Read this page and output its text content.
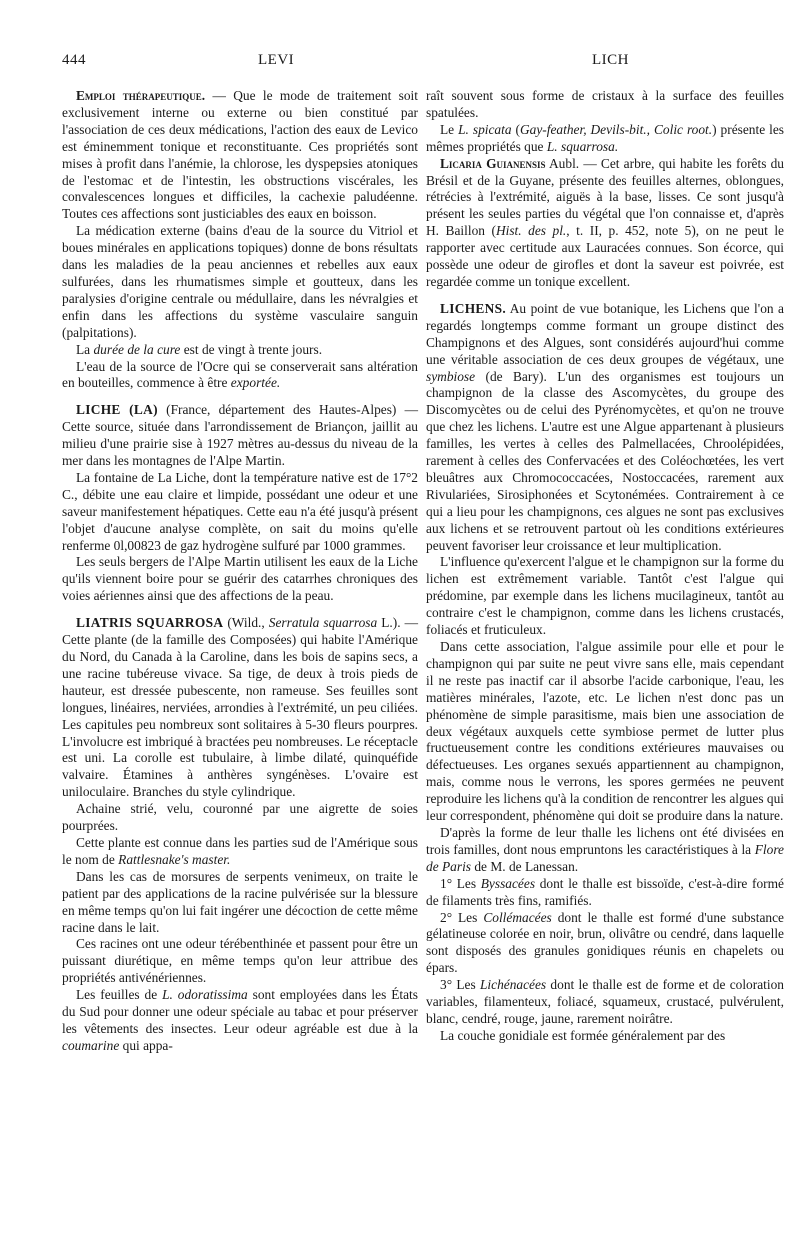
444	LEVI	LICH

Emploi thérapeutique. — Que le mode de traitement soit exclusivement interne ou externe ou bien constitué par l'association de ces deux médications, l'action des eaux de Levico est éminemment tonique et reconstituante. Ces propriétés sont mises à profit dans l'anémie, la chlorose, les dyspepsies atoniques de l'estomac et de l'intestin, les obstructions viscérales, les convalescences longues et difficiles, la cachexie paludéenne. Toutes ces affections sont justiciables des eaux en boisson.

La médication externe (bains d'eau de la source du Vitriol et boues minérales en applications topiques) donne de bons résultats dans les maladies de la peau anciennes et rebelles aux eaux sulfurées, dans les rhumatismes simple et goutteux, dans les paralysies d'origine centrale ou médullaire, dans les névralgies et enfin dans les affections du système vasculaire sanguin (palpitations).

La durée de la cure est de vingt à trente jours.

L'eau de la source de l'Ocre qui se conserverait sans altération en bouteilles, commence à être exportée.

LICHE (LA) (France, département des Hautes-Alpes) — Cette source, située dans l'arrondissement de Briançon, jaillit au milieu d'une prairie sise à 1927 mètres au-dessus du niveau de la mer dans les montagnes de l'Alpe Martin.

La fontaine de La Liche, dont la température native est de 17°2 C., débite une eau claire et limpide, possédant une odeur et une saveur manifestement hépatiques. Cette eau n'a été jusqu'à présent l'objet d'aucune analyse complète, on sait du moins qu'elle renferme 0l,00823 de gaz hydrogène sulfuré par 1000 grammes.

Les seuls bergers de l'Alpe Martin utilisent les eaux de la Liche qu'ils viennent boire pour se guérir des catarrhes chroniques des voies aériennes ainsi que des affections de la peau.

LIATRIS SQUARROSA (Wild., Serratula squarrosa L.). — Cette plante (de la famille des Composées) qui habite l'Amérique du Nord, du Canada à la Caroline, dans les bois de sapins secs, a une racine tubéreuse vivace. Sa tige, de deux à trois pieds de hauteur, est dressée pubescente, non rameuse. Ses feuilles sont longues, linéaires, nerviées, arrondies à l'extrémité, un peu ciliées. Les capitules peu nombreux sont solitaires à 5-30 fleurs pourpres. L'involucre est imbriqué à bractées peu nombreuses. Le réceptacle est uni. La corolle est tubulaire, à limbe dilaté, quinquéfide valvaire. Étamines à anthères syngénèses. L'ovaire est uniloculaire. Branches du style cylindrique.

Achaine strié, velu, couronné par une aigrette de soies pourprées.

Cette plante est connue dans les parties sud de l'Amérique sous le nom de Rattlesnake's master.

Dans les cas de morsures de serpents venimeux, on traite le patient par des applications de la racine pulvérisée sur la blessure en même temps qu'on lui fait ingérer une décoction de cette même racine dans le lait.

Ces racines ont une odeur térébenthinée et passent pour être un puissant diurétique, en même temps qu'on leur attribue des propriétés antivénériennes.

Les feuilles de L. odoratissima sont employées dans les États du Sud pour donner une odeur spéciale au tabac et pour préserver les vêtements des insectes. Leur odeur agréable est due à la coumarine qui appa-

raît souvent sous forme de cristaux à la surface des feuilles spatulées.

Le L. spicata (Gay-feather, Devils-bit., Colic root.) présente les mêmes propriétés que L. squarrosa.

Licaria Guianensis Aubl. — Cet arbre, qui habite les forêts du Brésil et de la Guyane, présente des feuilles alternes, oblongues, rétrécies à l'extrémité, aiguës à la base, lisses. Ce sont jusqu'à présent les seules parties du végétal que l'on connaisse et, d'après H. Baillon (Hist. des pl., t. II, p. 452, note 5), on ne peut le rapporter avec certitude aux Lauracées connues. Son écorce, qui possède une odeur de girofles et dont la saveur est poivrée, est regardée comme un tonique excellent.

LICHENS. Au point de vue botanique, les Lichens que l'on a regardés longtemps comme formant un groupe distinct des Champignons et des Algues, sont considérés aujourd'hui comme une véritable association de ces deux groupes de végétaux, une symbiose (de Bary). L'un des organismes est toujours un champignon de la classe des Ascomycètes, du groupe des Discomycètes ou de celui des Pyrénomycètes, et qu'on ne trouve que chez les lichens. L'autre est une Algue appartenant à plusieurs familles, les vertes à celles des Palmellacées, Chroolépidées, rarement à celles des Confervacées et des Coléochœtées, les vert bleuâtres aux Chromococcacées, Nostoccacées, rarement aux Rivulariées, Sirosiphonées et Scytonémées. Contrairement à ce qui a lieu pour les champignons, ces algues ne sont pas exclusives aux lichens et se retrouvent partout où les conditions extérieures peuvent favoriser leur croissance et leur multiplication.

L'influence qu'exercent l'algue et le champignon sur la forme du lichen est extrêmement variable. Tantôt c'est l'algue qui prédomine, par exemple dans les lichens mucilagineux, tantôt au contraire c'est le champignon, comme dans les lichens crustacés, foliacés et fruticuleux.

Dans cette association, l'algue assimile pour elle et pour le champignon qui par suite ne peut vivre sans elle, mais cependant il ne reste pas inactif car il absorbe l'acide carbonique, l'eau, les matières minérales, l'azote, etc. Le lichen n'est donc pas un phénomène de simple parasitisme, mais bien une association de deux végétaux auxquels cette symbiose permet de lutter plus fructueusement contre les conditions extérieures mauvaises ou défectueuses. Les organes sexués appartiennent au champignon, mais, comme nous le verrons, les spores germées ne peuvent reproduire les lichens qu'à la condition de rencontrer les algues qui leur correspondent, phénomène qui doit se produire dans la nature.

D'après la forme de leur thalle les lichens ont été divisées en trois familles, dont nous empruntons les caractéristiques à la Flore de Paris de M. de Lanessan.

1° Les Byssacées dont le thalle est bissoïde, c'est-à-dire formé de filaments très fins, ramifiés.

2° Les Collémacées dont le thalle est formé d'une substance gélatineuse colorée en noir, brun, olivâtre ou cendré, dans laquelle sont disposés des granules gonidiques réunis en chapelets ou épars.

3° Les Lichénacées dont le thalle est de forme et de coloration variables, filamenteux, foliacé, squameux, crustacé, pulvérulent, blanc, cendré, rouge, jaune, rarement noirâtre.

La couche gonidiale est formée généralement par des
